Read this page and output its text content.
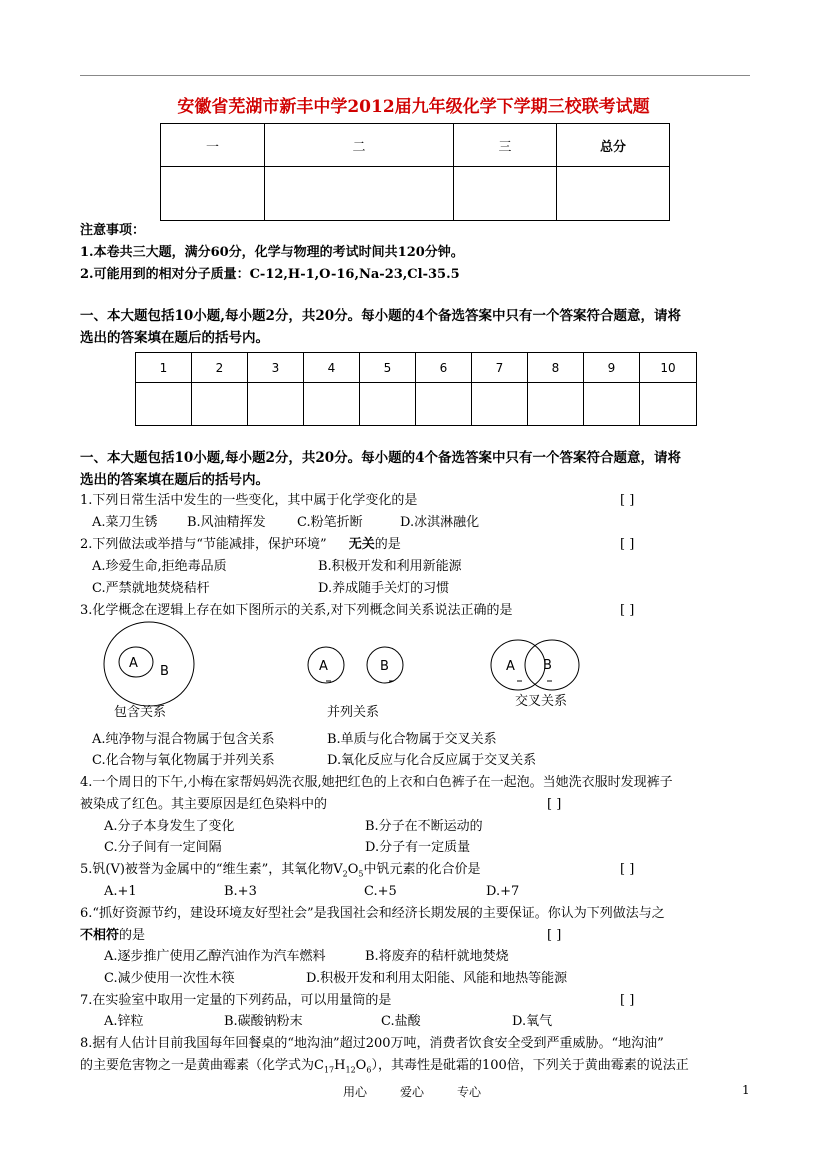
安徽省芜湖市新丰中学2012届九年级化学下学期三校联考试题
一	二	三	总分

注意事项：
1.本卷共三大题，满分60分，化学与物理的考试时间共120分钟。
2.可能用到的相对分子质量：C-12,H-1,O-16,Na-23,Cl-35.5
一、本大题包括10小题,每小题2分，共20分。每小题的4个备选答案中只有一个答案符合题意，请将
选出的答案填在题后的括号内。
1	2	3	4	5	6	7	8	9	10

一、本大题包括10小题,每小题2分，共20分。每小题的4个备选答案中只有一个答案符合题意，请将
选出的答案填在题后的括号内。
1.下列日常生活中发生的一些变化，其中属于化学变化的是	[ ]
A.菜刀生锈 B.风油精挥发 C.粉笔折断	D.冰淇淋融化
2.下列做法或举措与“节能减排，保护环境” 无关的是	[ ]
A.珍爱生命,拒绝毒品质	B.积极开发和利用新能源
C.严禁就地焚烧秸杆	D.养成随手关灯的习惯
3.化学概念在逻辑上存在如下图所示的关系,对下列概念间关系说法正确的是	[ ]
A
B	A	B	A B
包含关系	并列关系
交叉关系
A.纯净物与混合物属于包含关系	B.单质与化合物属于交叉关系
C.化合物与氧化物属于并列关系	D.氧化反应与化合反应属于交叉关系
4.一个周日的下午,小梅在家帮妈妈洗衣服,她把红色的上衣和白色裤子在一起泡。当她洗衣服时发现裤子
被染成了红色。其主要原因是红色染料中的	[ ]
A.分子本身发生了变化	B.分子在不断运动的
C.分子间有一定间隔	D.分子有一定质量
5.钒(V)被誉为金属中的“维生素”，其氧化物$V_2O_5$中钒元素的化合价是	[ ]
A.+1	B.+3	C.+5	D.+7
6.“抓好资源节约，建设环境友好型社会”是我国社会和经济长期发展的主要保证。你认为下列做法与之
不相符的是	[ ]
A.逐步推广使用乙醇汽油作为汽车燃料	B.将废弃的秸杆就地焚烧
C.减少使用一次性木筷	D.积极开发和利用太阳能、风能和地热等能源
7.在实验室中取用一定量的下列药品，可以用量筒的是	[ ]
A.锌粒	B.碳酸钠粉末	C.盐酸	D.氧气
8.据有人估计目前我国每年回餐桌的“地沟油”超过200万吨，消费者饮食安全受到严重威胁。“地沟油”
的主要危害物之一是黄曲霉素（化学式为$C_{17}H_{12}O_6$），其毒性是砒霜的100倍，下列关于黄曲霉素的说法正
用心	爱心	专心	1
